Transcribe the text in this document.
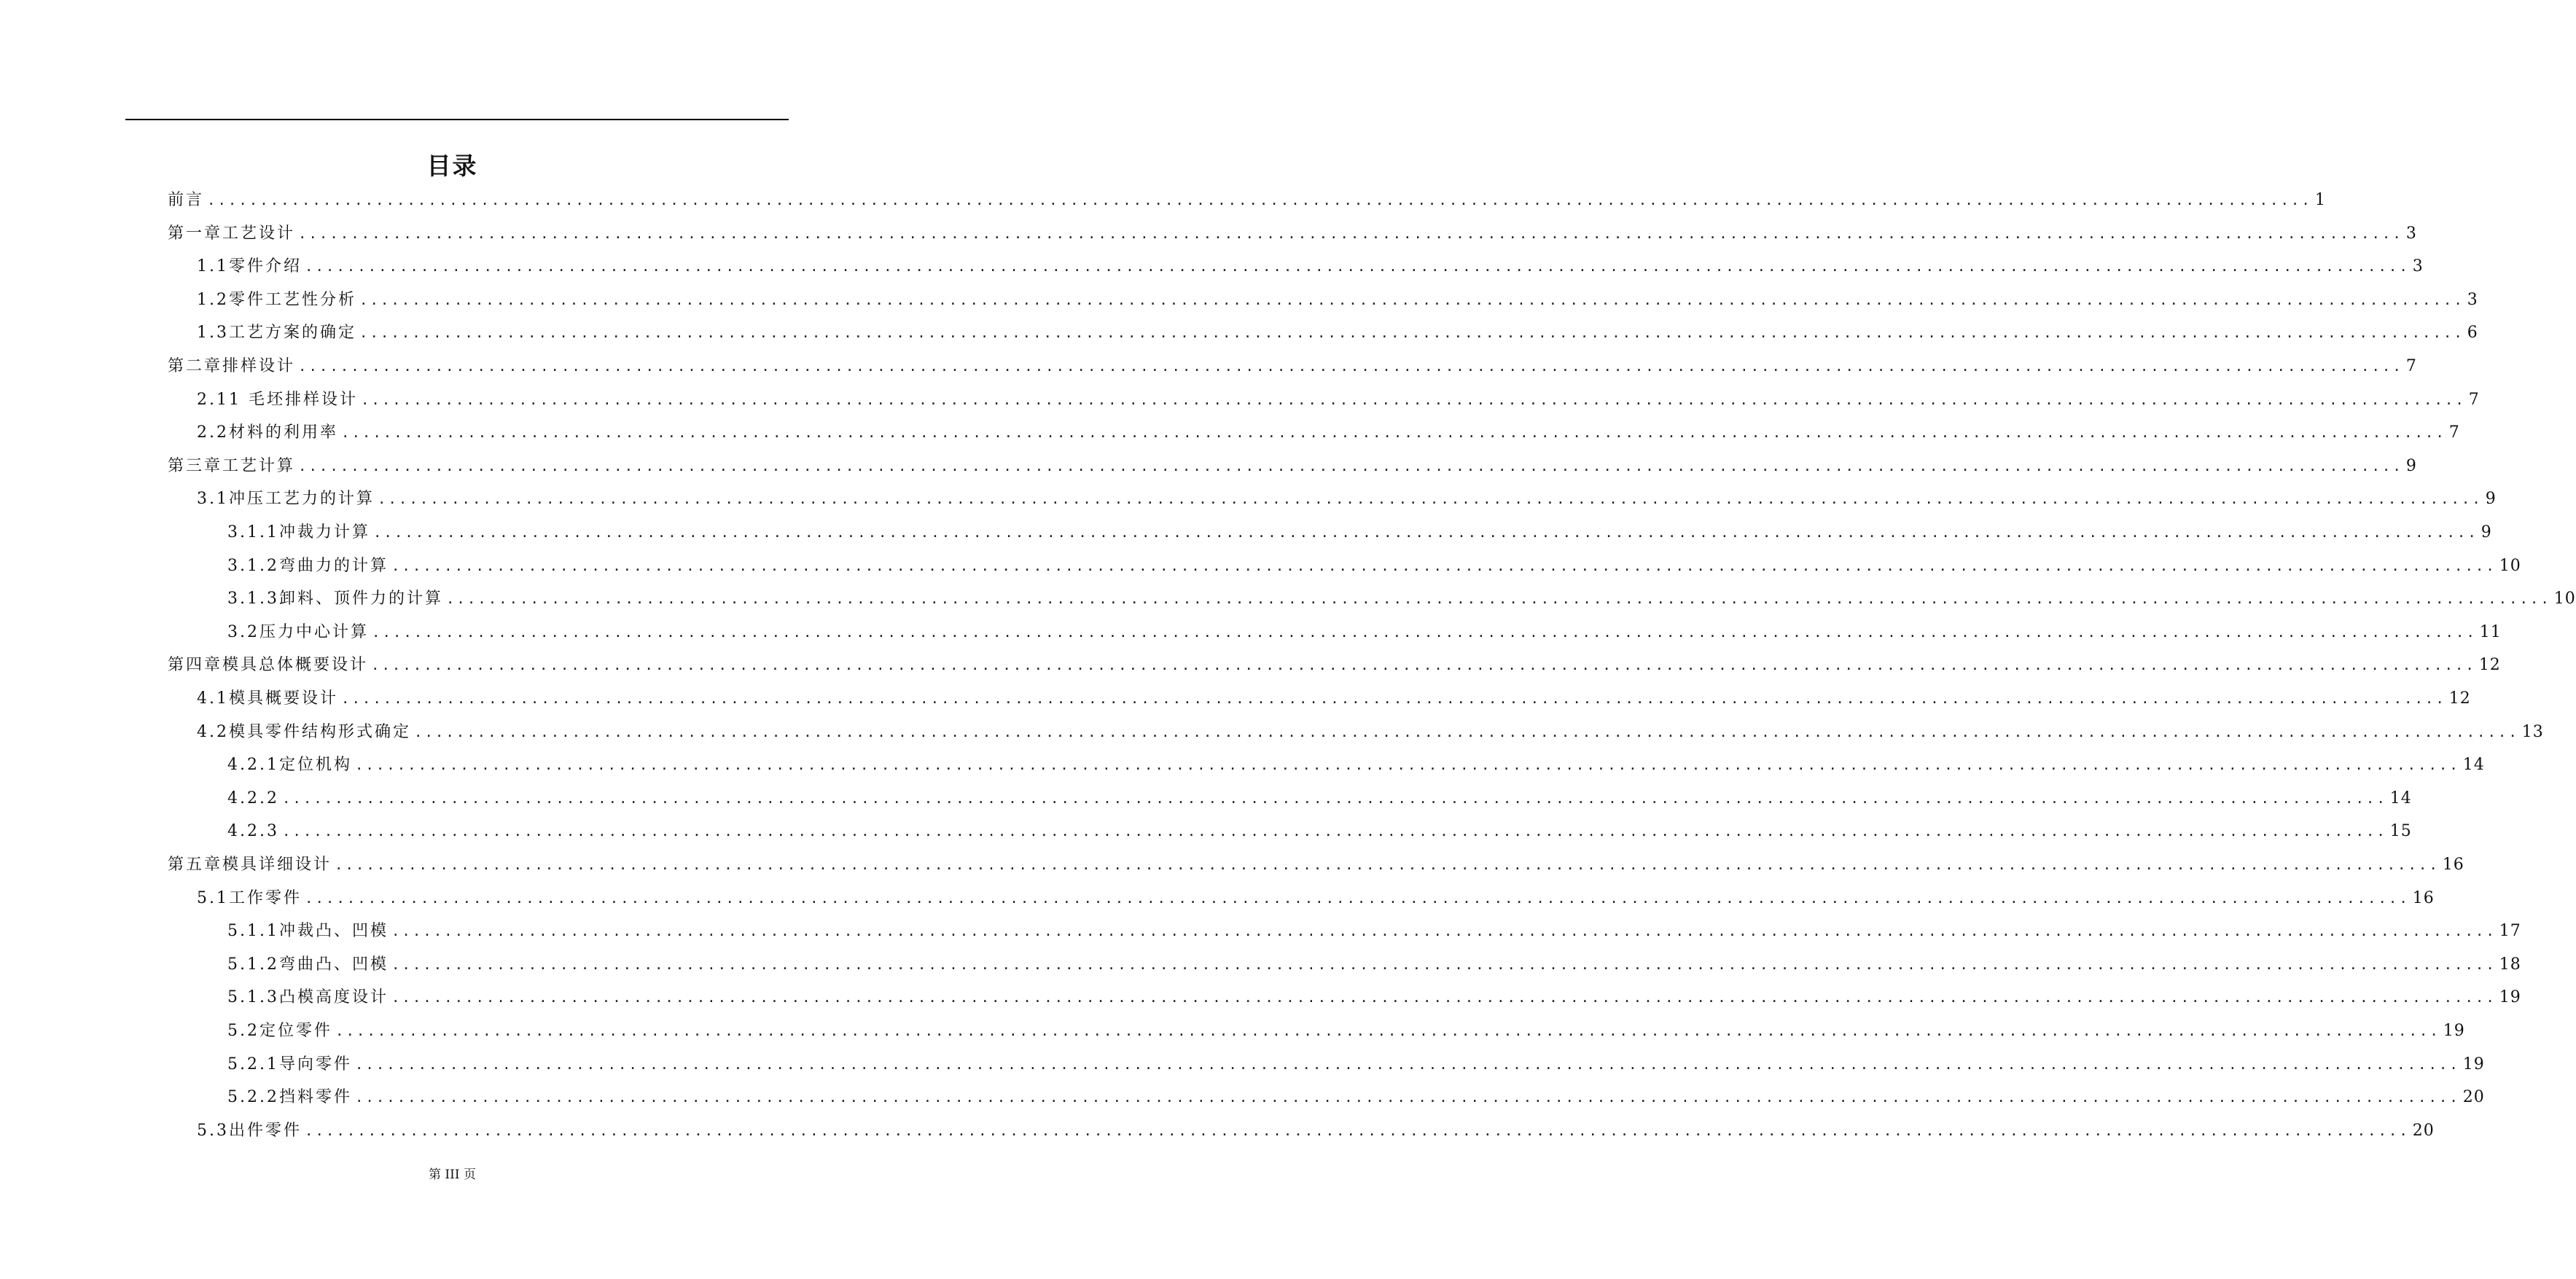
目录
前言 ........................................................................................................................................................................................................ 1
第一章工艺设计 ........................................................................................................................................................................................................ 3
1.1零件介绍 ........................................................................................................................................................................................................ 3
1.2零件工艺性分析 ........................................................................................................................................................................................................ 3
1.3工艺方案的确定 ........................................................................................................................................................................................................ 6
第二章排样设计 ........................................................................................................................................................................................................ 7
2.11 毛坯排样设计 ........................................................................................................................................................................................................ 7
2.2材料的利用率 ........................................................................................................................................................................................................ 7
第三章工艺计算 ........................................................................................................................................................................................................ 9
3.1冲压工艺力的计算 ........................................................................................................................................................................................................ 9
3.1.1冲裁力计算 ........................................................................................................................................................................................................ 9
3.1.2弯曲力的计算 ........................................................................................................................................................................................................ 10
3.1.3卸料、顶件力的计算 ........................................................................................................................................................................................................ 10
3.2压力中心计算 ........................................................................................................................................................................................................ 11
第四章模具总体概要设计 ........................................................................................................................................................................................................ 12
4.1模具概要设计 ........................................................................................................................................................................................................ 12
4.2模具零件结构形式确定 ........................................................................................................................................................................................................ 13
4.2.1定位机构 ........................................................................................................................................................................................................ 14
4.2.2 ........................................................................................................................................................................................................ 14
4.2.3 ........................................................................................................................................................................................................ 15
第五章模具详细设计 ........................................................................................................................................................................................................ 16
5.1工作零件 ........................................................................................................................................................................................................ 16
5.1.1冲裁凸、凹模 ........................................................................................................................................................................................................ 17
5.1.2弯曲凸、凹模 ........................................................................................................................................................................................................ 18
5.1.3凸模高度设计 ........................................................................................................................................................................................................ 19
5.2定位零件 ........................................................................................................................................................................................................ 19
5.2.1导向零件 ........................................................................................................................................................................................................ 19
5.2.2挡料零件 ........................................................................................................................................................................................................ 20
5.3出件零件 ........................................................................................................................................................................................................ 20
第 III 页
